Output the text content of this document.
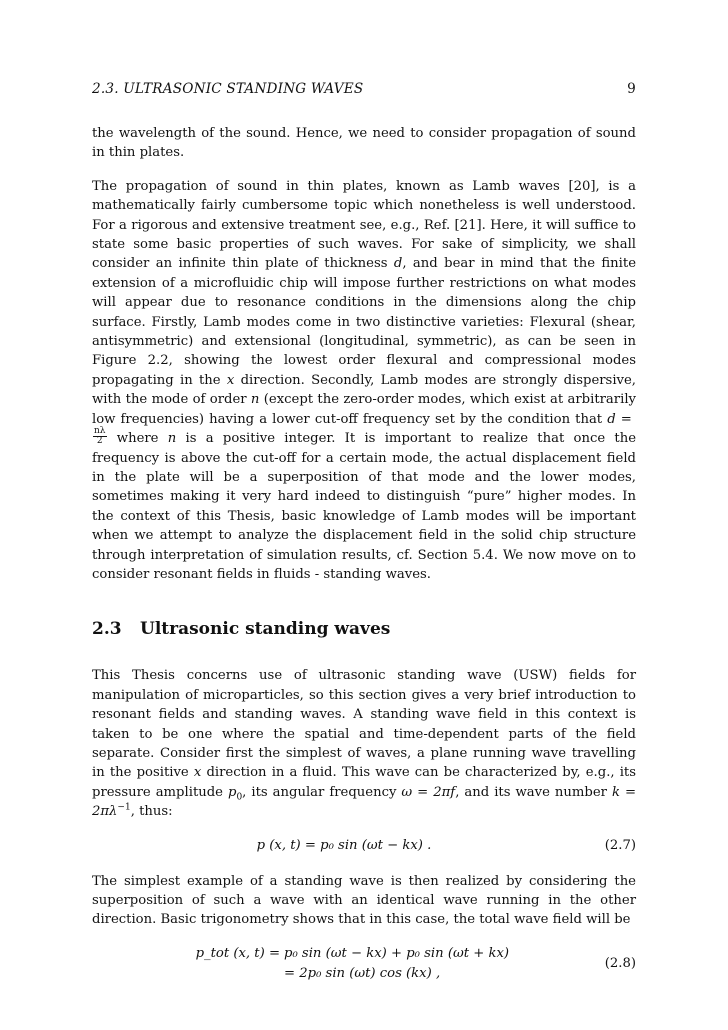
2.3. ULTRASONIC STANDING WAVES	9

the wavelength of the sound. Hence, we need to consider propagation of sound in thin plates.

The propagation of sound in thin plates, known as Lamb waves [20], is a mathematically fairly cumbersome topic which nonetheless is well understood. For a rigorous and extensive treatment see, e.g., Ref. [21]. Here, it will suffice to state some basic properties of such waves. For sake of simplicity, we shall consider an infinite thin plate of thickness d, and bear in mind that the finite extension of a microfluidic chip will impose further restrictions on what modes will appear due to resonance conditions in the dimensions along the chip surface. Firstly, Lamb modes come in two distinctive varieties: Flexural (shear, antisymmetric) and extensional (longitudinal, symmetric), as can be seen in Figure 2.2, showing the lowest order flexural and compressional modes propagating in the x direction. Secondly, Lamb modes are strongly dispersive, with the mode of order n (except the zero-order modes, which exist at arbitrarily low frequencies) having a lower cut-off frequency set by the condition that d =
$\frac{n\lambda}{2}$ where n is a positive integer. It is important to realize that once the frequency is above the cut-off for a certain mode, the actual displacement field in the plate will be a superposition of that mode and the lower modes, sometimes making it very hard indeed to distinguish “pure” higher modes. In the context of this Thesis, basic knowledge of Lamb modes will be important when we attempt to analyze the displacement field in the solid chip structure through interpretation of simulation results, cf. Section 5.4. We now move on to consider resonant fields in fluids - standing waves.

2.3 Ultrasonic standing waves

This Thesis concerns use of ultrasonic standing wave (USW) fields for manipulation of microparticles, so this section gives a very brief introduction to resonant fields and standing waves. A standing wave field in this context is taken to be one where the spatial and time-dependent parts of the field separate. Consider first the simplest of waves, a plane running wave travelling in the positive x direction in a fluid. This wave can be characterized by, e.g., its pressure amplitude $p_0$, its angular frequency ω = 2πf, and its wave number $k = 2\pi\lambda^{-1}$, thus:

p (x, t) = p₀ sin (ωt − kx) .	(2.7)

The simplest example of a standing wave is then realized by considering the superposition of such a wave with an identical wave running in the other direction. Basic trigonometry shows that in this case, the total wave field will be

p_tot (x, t) = p₀ sin (ωt − kx) + p₀ sin (ωt + kx)
= 2p₀ sin (ωt) cos (kx) ,
(2.8)
